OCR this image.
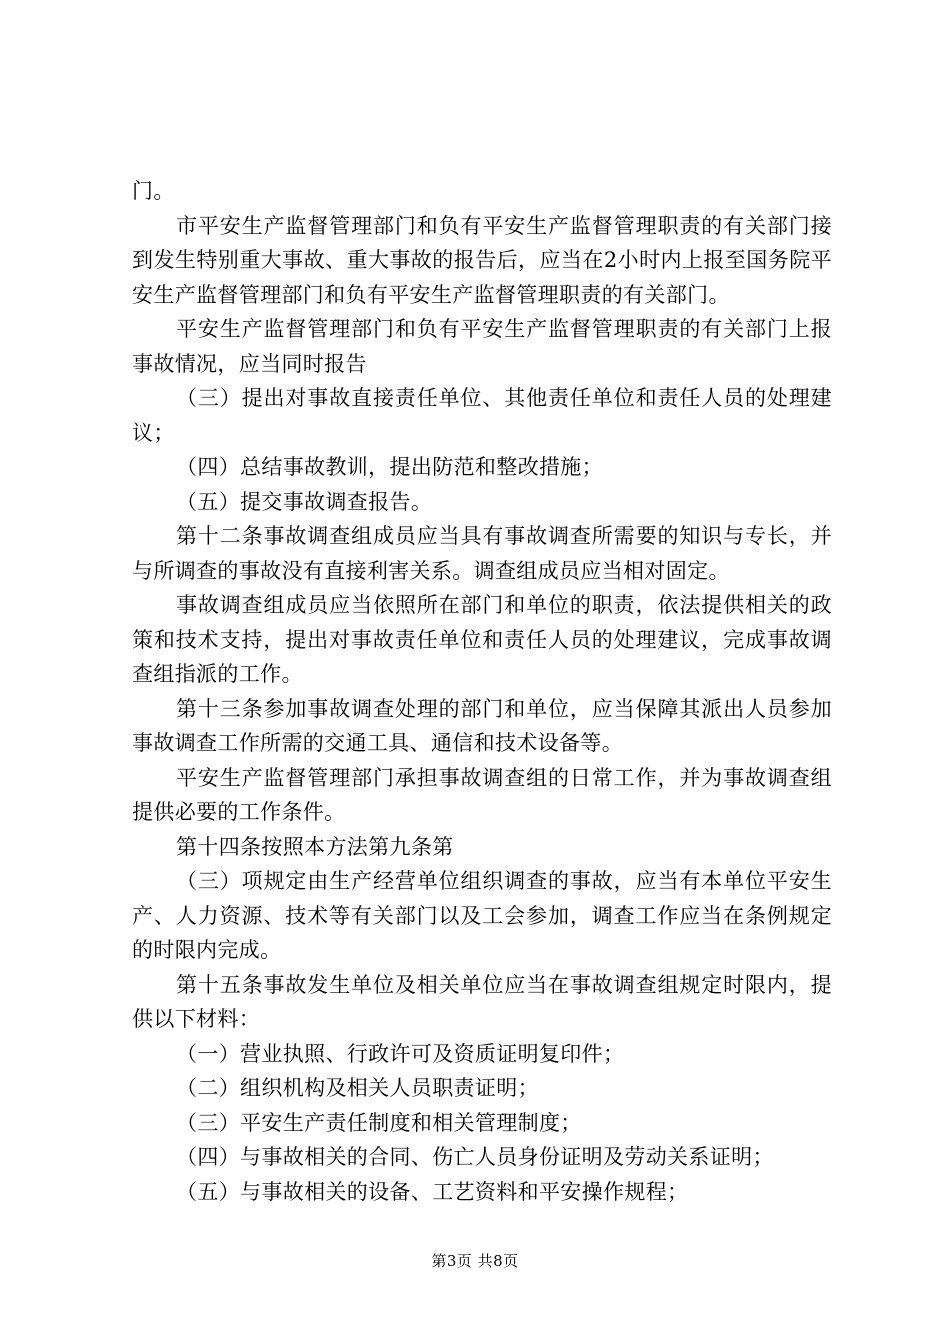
门。

市平安生产监督管理部门和负有平安生产监督管理职责的有关部门接到发生特别重大事故、重大事故的报告后，应当在2小时内上报至国务院平安生产监督管理部门和负有平安生产监督管理职责的有关部门。

平安生产监督管理部门和负有平安生产监督管理职责的有关部门上报事故情况，应当同时报告

（三）提出对事故直接责任单位、其他责任单位和责任人员的处理建议；

（四）总结事故教训，提出防范和整改措施；

（五）提交事故调查报告。

第十二条事故调查组成员应当具有事故调查所需要的知识与专长，并与所调查的事故没有直接利害关系。调查组成员应当相对固定。

事故调查组成员应当依照所在部门和单位的职责，依法提供相关的政策和技术支持，提出对事故责任单位和责任人员的处理建议，完成事故调查组指派的工作。

第十三条参加事故调查处理的部门和单位，应当保障其派出人员参加事故调查工作所需的交通工具、通信和技术设备等。

平安生产监督管理部门承担事故调查组的日常工作，并为事故调查组提供必要的工作条件。

第十四条按照本方法第九条第

（三）项规定由生产经营单位组织调查的事故，应当有本单位平安生产、人力资源、技术等有关部门以及工会参加，调查工作应当在条例规定的时限内完成。

第十五条事故发生单位及相关单位应当在事故调查组规定时限内，提供以下材料：

（一）营业执照、行政许可及资质证明复印件；

（二）组织机构及相关人员职责证明；

（三）平安生产责任制度和相关管理制度；

（四）与事故相关的合同、伤亡人员身份证明及劳动关系证明；

（五）与事故相关的设备、工艺资料和平安操作规程；

第3页 共8页
